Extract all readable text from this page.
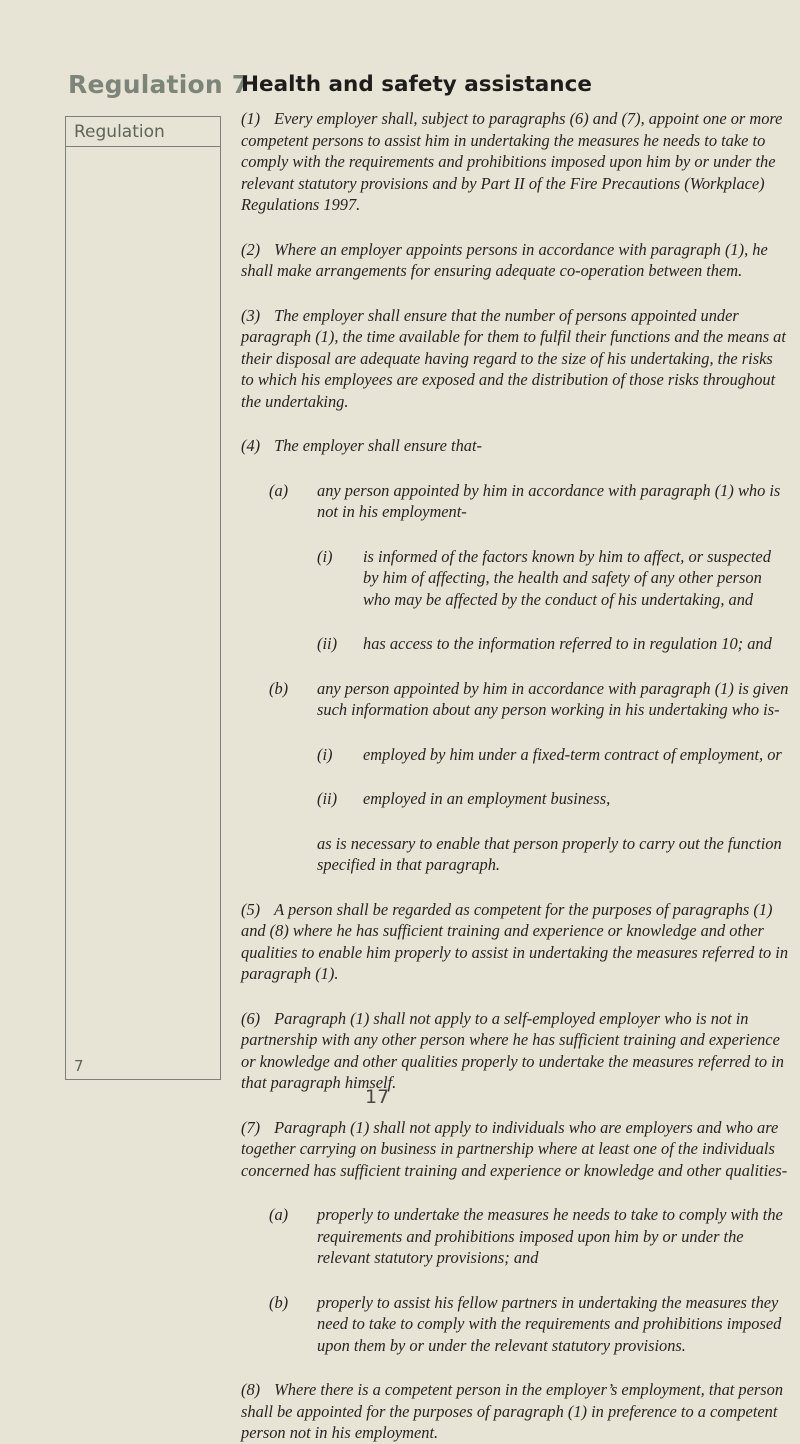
Regulation 7
Health and safety assistance
Regulation
7

(1) Every employer shall, subject to paragraphs (6) and (7), appoint one or more competent persons to assist him in undertaking the measures he needs to take to comply with the requirements and prohibitions imposed upon him by or under the relevant statutory provisions and by Part II of the Fire Precautions (Workplace) Regulations 1997.

(2) Where an employer appoints persons in accordance with paragraph (1), he shall make arrangements for ensuring adequate co-operation between them.

(3) The employer shall ensure that the number of persons appointed under paragraph (1), the time available for them to fulfil their functions and the means at their disposal are adequate having regard to the size of his undertaking, the risks to which his employees are exposed and the distribution of those risks throughout the undertaking.

(4) The employer shall ensure that-

(a) any person appointed by him in accordance with paragraph (1) who is not in his employment-

(i) is informed of the factors known by him to affect, or suspected by him of affecting, the health and safety of any other person who may be affected by the conduct of his undertaking, and

(ii) has access to the information referred to in regulation 10; and

(b) any person appointed by him in accordance with paragraph (1) is given such information about any person working in his undertaking who is-

(i) employed by him under a fixed-term contract of employment, or

(ii) employed in an employment business,

as is necessary to enable that person properly to carry out the function specified in that paragraph.

(5) A person shall be regarded as competent for the purposes of paragraphs (1) and (8) where he has sufficient training and experience or knowledge and other qualities to enable him properly to assist in undertaking the measures referred to in paragraph (1).

(6) Paragraph (1) shall not apply to a self-employed employer who is not in partnership with any other person where he has sufficient training and experience or knowledge and other qualities properly to undertake the measures referred to in that paragraph himself.

(7) Paragraph (1) shall not apply to individuals who are employers and who are together carrying on business in partnership where at least one of the individuals concerned has sufficient training and experience or knowledge and other qualities-

(a) properly to undertake the measures he needs to take to comply with the requirements and prohibitions imposed upon him by or under the relevant statutory provisions; and

(b) properly to assist his fellow partners in undertaking the measures they need to take to comply with the requirements and prohibitions imposed upon them by or under the relevant statutory provisions.

(8) Where there is a competent person in the employer’s employment, that person shall be appointed for the purposes of paragraph (1) in preference to a competent person not in his employment.

17
